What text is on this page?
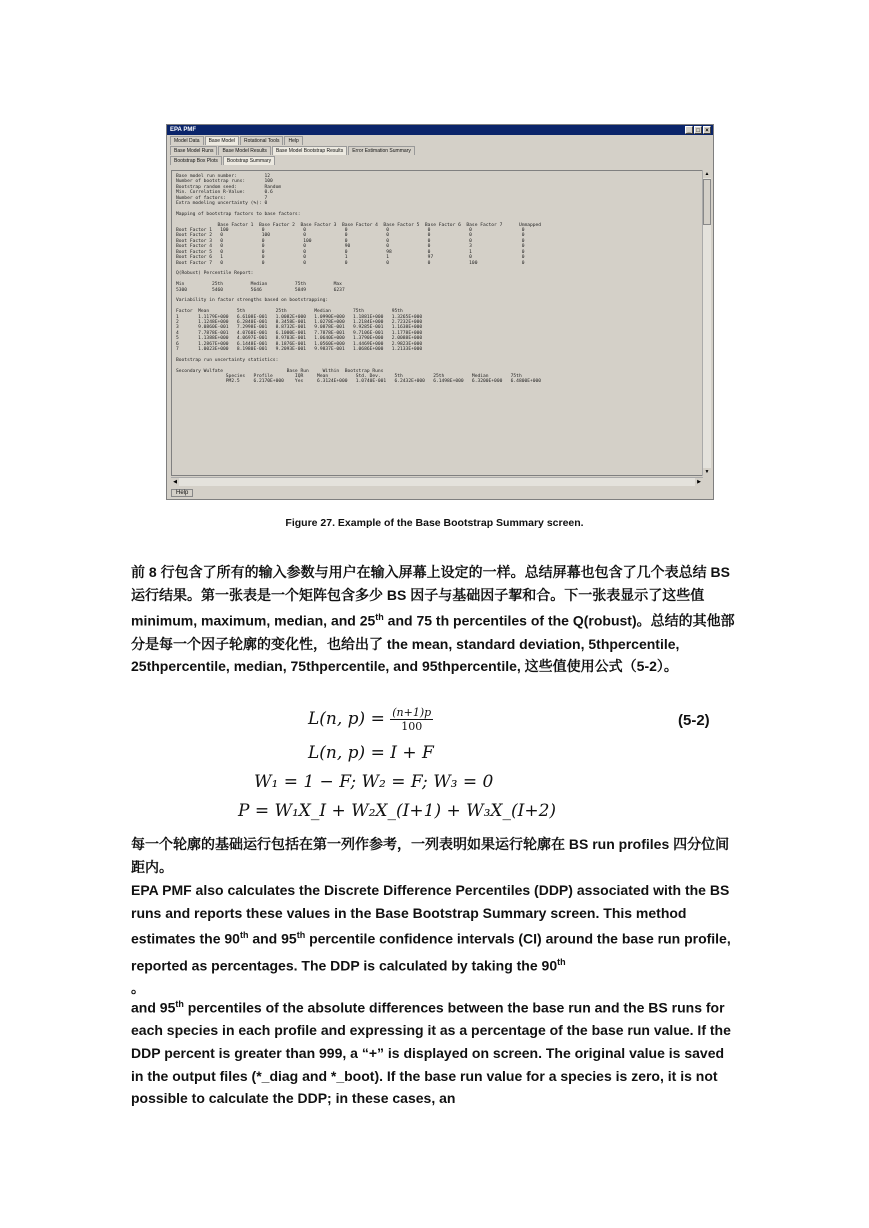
EPA PMF	_ □ ×
Model Data	Base Model	Rotational Tools	Help
Base Model Runs	Base Model Results	Base Model Bootstrap Results	Error Estimation Summary
Bootstrap Box Plots	Bootstrap Summary
Base model run number:          12
Number of bootstrap runs:       100
Bootstrap random seed:          Random
Min. Correlation R-Value:       0.6
Number of factors:              7
Extra modeling uncertainty (%): 0

Mapping of bootstrap factors to base factors:

Base Factor 1  Base Factor 2  Base Factor 3  Base Factor 4  Base Factor 5  Base Factor 6  Base Factor 7      Unmapped
Boot Factor 1   100            0              0              0              0              0              0                  0
Boot Factor 2   0              100            0              0              0              0              0                  0
Boot Factor 3   0              0              100            0              0              0              0                  0
Boot Factor 4   0              0              0              90             0              0              3                  0
Boot Factor 5   0              0              0              0              98             0              1                  0
Boot Factor 6   1              0              0              1              1              97             0                  0
Boot Factor 7   0              0              0              0              0              0              100                0

Q(Robust) Percentile Report:

Min          25th          Median          75th          Max
5300         5460          5646            5849          6237

Variability in factor strengths based on bootstrapping:

Factor  Mean          5th           25th          Median        75th          95th
1       1.1179E+000   6.6108E-001   1.0082E+000   1.0990E+000   1.1881E+000   1.3265E+000
2       1.1248E+000   6.2840E-001   8.3458E-001   1.0278E+000   1.2184E+000   2.7232E+000
3       9.0860E-001   7.2998E-001   8.8732E-001   9.0878E-001   9.9285E-001   1.1638E+000
4       7.7878E-001   4.0760E-001   6.1000E-001   7.7878E-001   9.7106E-001   1.1778E+000
5       1.1388E+000   4.0697E-001   8.9703E-001   1.0640E+000   1.3790E+000   2.0088E+000
6       1.2867E+000   6.1448E-001   8.1876E-001   1.0560E+000   1.4469E+000   2.9823E+000
7       1.0023E+000   8.1980E-001   9.2093E-001   9.9837E-001   1.0686E+000   1.2133E+000

Bootstrap run uncertainty statistics:

Secondary Wulfate                       Base Run     Within  Bootstrap Runs
Species   Profile        IQR     Mean          Std. Dev.     5th           25th          Median        75th
PM2.5     6.2170E+000    Yes     6.3124E+000   1.0740E-001   6.2432E+000   6.1498E+000   6.3200E+000   6.4800E+000
▲
▼
◀	▶
Help
Figure 27. Example of the Base Bootstrap Summary screen.
前 8 行包含了所有的输入参数与用户在输入屏幕上设定的一样。总结屏幕也包含了几个表总结 BS 运行结果。第一张表是一个矩阵包含多少 BS 因子与基础因子挈和合。下一张表显示了这些值 minimum, maximum, median, and 25th and 75 th percentiles of the Q(robust)。总结的其他部分是每一个因子轮廓的变化性，也给出了 the mean, standard deviation, 5thpercentile, 25thpercentile, median, 75thpercentile, and 95thpercentile, 这些值使用公式（5-2）。
L(n, $p) = \frac{(n+1)p}{100}$	(5-2)
L(n, p) = I + F
W₁ = 1 − F; W₂ = F; W₃ = 0
P = W₁X_I + W₂X_(I+1) + W₃X_(I+2)
每一个轮廓的基础运行包括在第一列作参考，一列表明如果运行轮廓在 BS run profiles 四分位间距内。
EPA PMF also calculates the Discrete Difference Percentiles (DDP) associated with the BS runs and reports these values in the Base Bootstrap Summary screen. This method estimates the 90th and 95th percentile confidence intervals (CI) around the base run profile, reported as percentages. The DDP is calculated by taking the 90th
。
and 95th percentiles of the absolute differences between the base run and the BS runs for each species in each profile and expressing it as a percentage of the base run value. If the DDP percent is greater than 999, a “+” is displayed on screen. The original value is saved in the output files (*_diag and *_boot). If the base run value for a species is zero, it is not possible to calculate the DDP; in these cases, an
